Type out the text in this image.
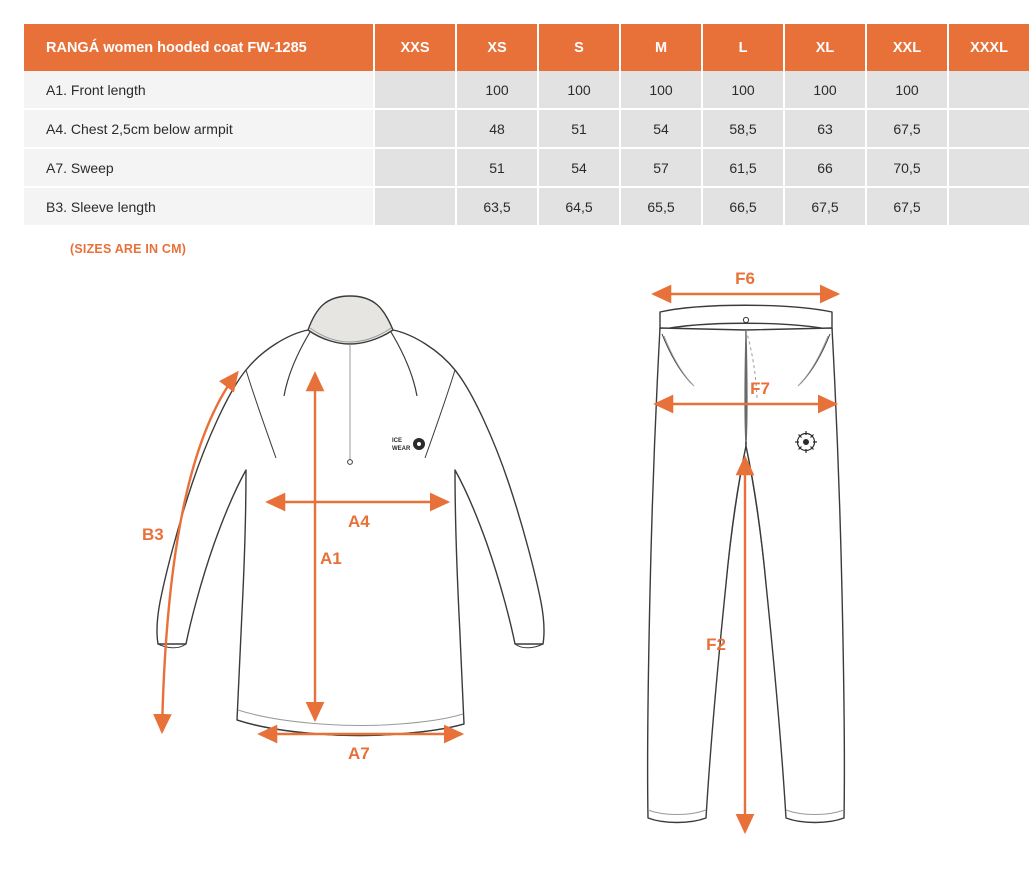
RANGÁ women hooded coat FW-1285	XXS	XS	S	M	L	XL	XXL	XXXL
A1. Front length		100	100	100	100	100	100	
A4. Chest 2,5cm below armpit		48	51	54	58,5	63	67,5	
A7. Sweep		51	54	57	61,5	66	70,5	
B3. Sleeve length		63,5	64,5	65,5	66,5	67,5	67,5	
(SIZES ARE IN CM)
ICE
WEAR
B3
A4
A1
A7
F6
F7
F2
